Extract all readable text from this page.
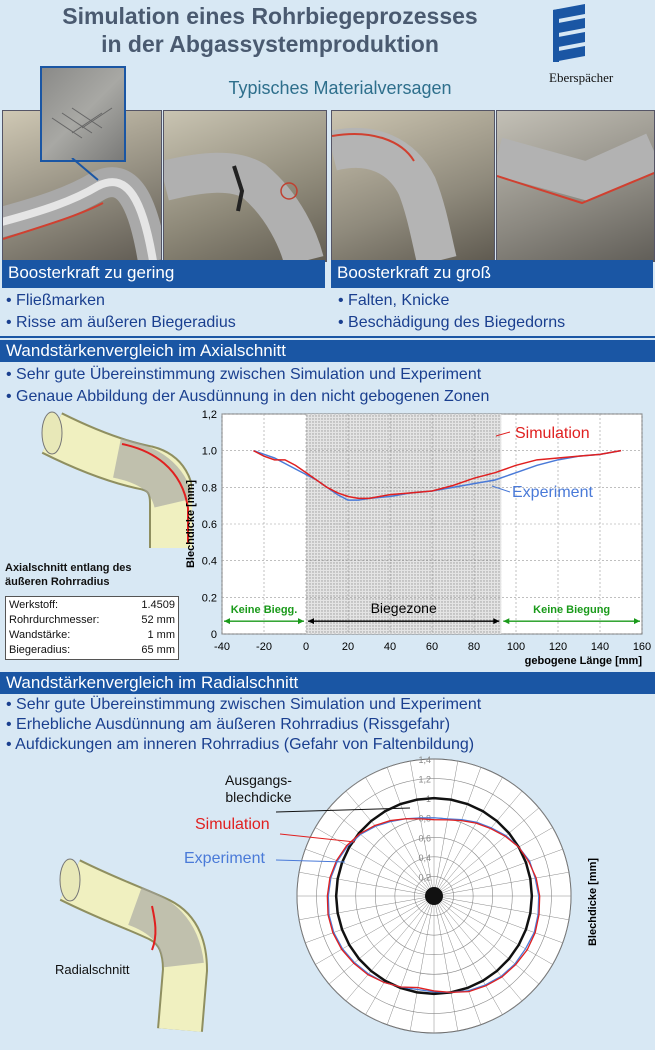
Simulation eines Rohrbiegeprozesses
in der Abgassystemproduktion
Eberspächer
Typisches Materialversagen
Boosterkraft zu gering	Boosterkraft zu groß
• Fließmarken
• Risse am äußeren Biegeradius
• Falten, Knicke
• Beschädigung des Biegedorns
Wandstärkenvergleich im Axialschnitt
• Sehr gute Übereinstimmung zwischen Simulation und Experiment
• Genaue Abbildung der Ausdünnung in den nicht gebogenen Zonen
Axialschnitt entlang des
äußeren Rohrradius
Werkstoff:	1.4509
Rohrdurchmesser:	52 mm
Wandstärke:	1 mm
Biegeradius:	65 mm	-40 -20	0	20	40	60	80 100 120 140 160
0
0.2
0.4
0.6
0.8
1.0
1,2
Simulation
Experiment
Keine Biegg.	Biegezone	Keine Biegung
Blechdicke [mm]
gebogene Länge [mm]
Wandstärkenvergleich im Radialschnitt
• Sehr gute Übereinstimmung zwischen Simulation und Experiment
• Erhebliche Ausdünnung am äußeren Rohrradius (Rissgefahr)
• Aufdickungen am inneren Rohrradius (Gefahr von Faltenbildung)
Ausgangs-
blechdicke
Simulation
Experiment
Radialschnitt
0,2
0,4
0,6
0,8
1
1,2
1,4
Blechdicke [mm]
